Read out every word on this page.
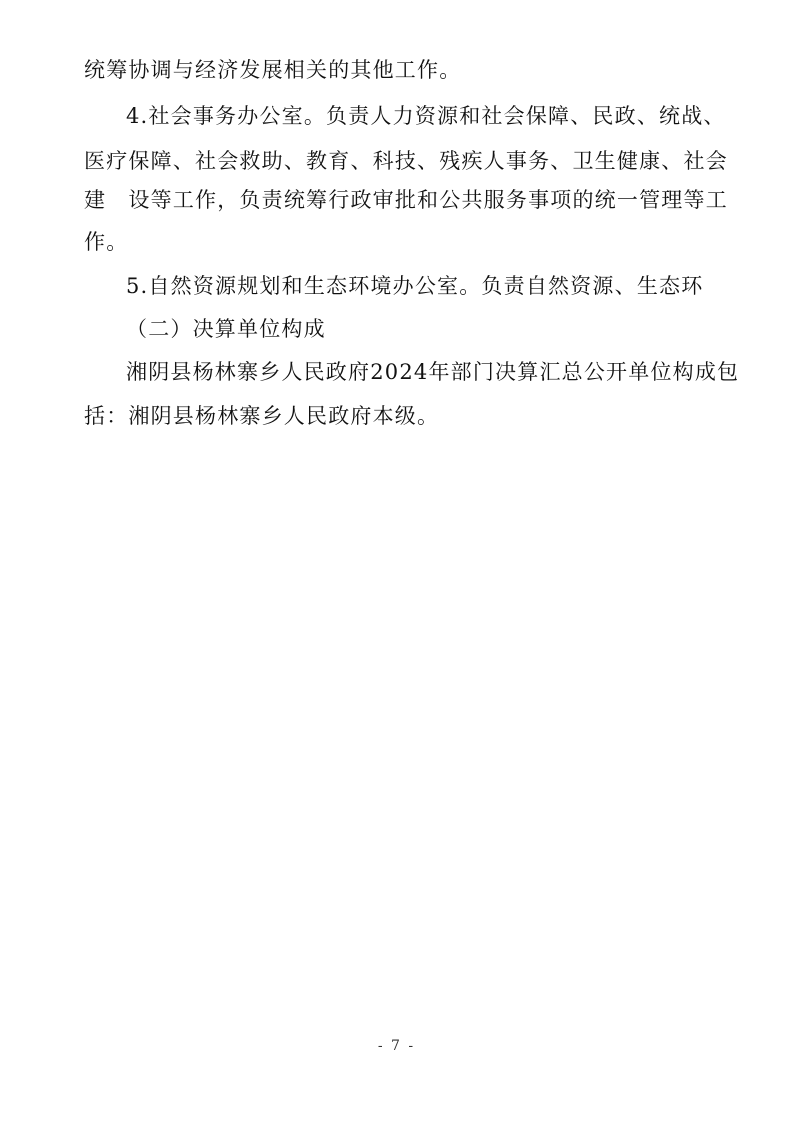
统筹协调与经济发展相关的其他工作。
4.社会事务办公室。负责人力资源和社会保障、民政、统战、
医 疗 保 障 、 社 会 救 助 、 教 育 、 科 技 、 残 疾 人 事 务 、 卫 生 健 康 、 社 会
建
　 设 等 工 作 ， 负 责 统 筹 行 政 审 批 和 公 共 服 务 事 项 的 统 一 管 理 等 工
作。
5.自然资源规划和生态环境办公室。负责自然资源、生态环
（二）决算单位构成
湘阴县杨林寨乡人民政府2024年部门决算汇总公开单位构成包
括：湘阴县杨林寨乡人民政府本级。
- 7 -
